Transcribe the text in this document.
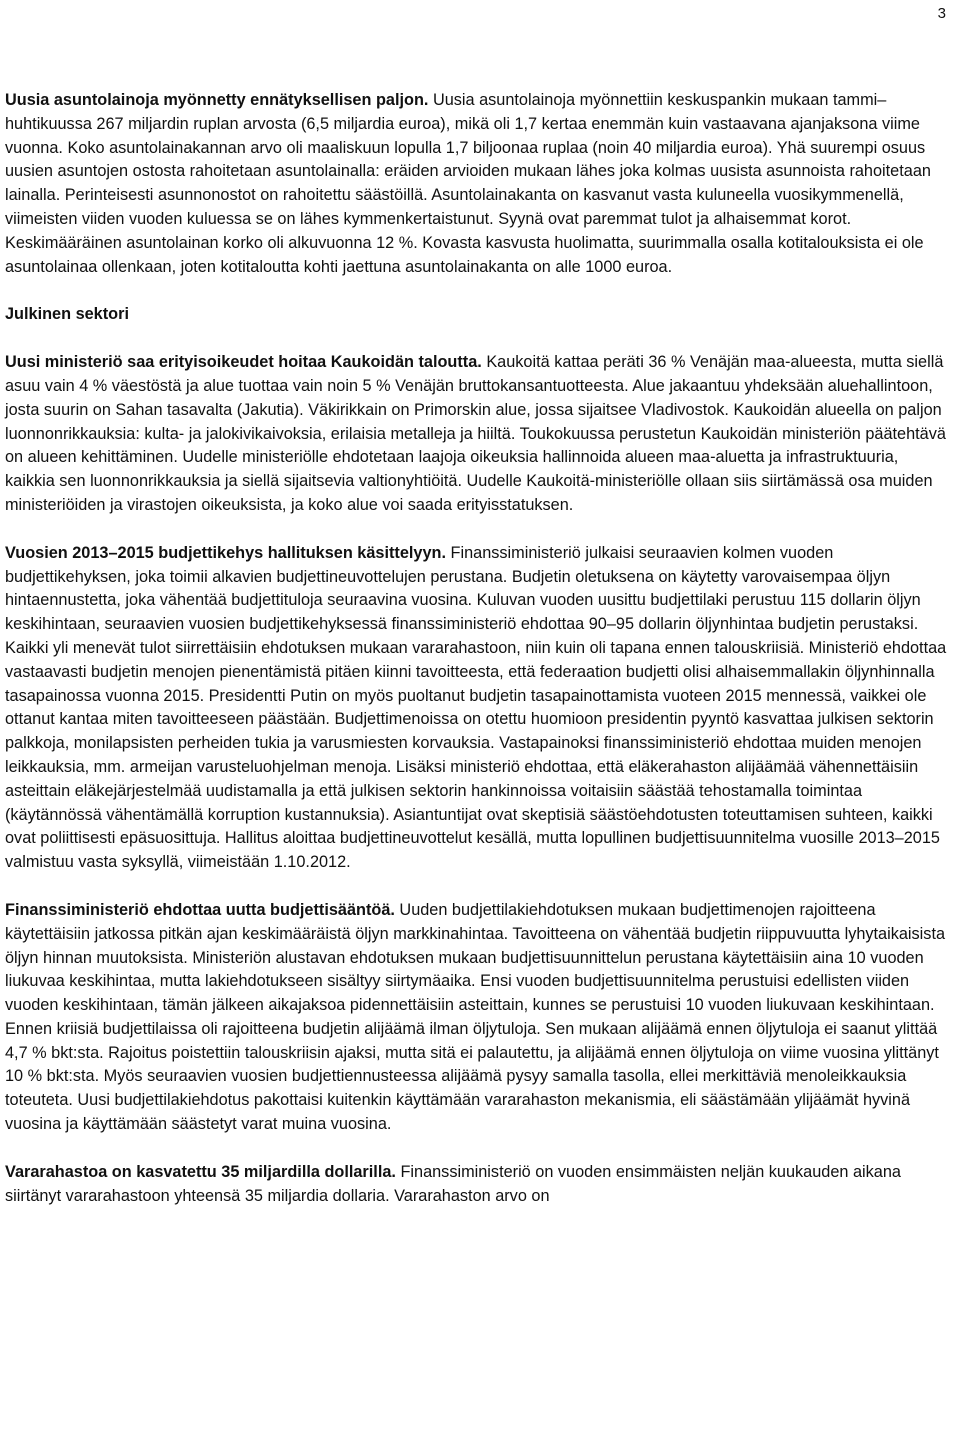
3

Uusia asuntolainoja myönnetty ennätyksellisen paljon. Uusia asuntolainoja myönnettiin keskuspankin mukaan tammi–huhtikuussa 267 miljardin ruplan arvosta (6,5 miljardia euroa), mikä oli 1,7 kertaa enemmän kuin vastaavana ajanjaksona viime vuonna. Koko asuntolainakannan arvo oli maaliskuun lopulla 1,7 biljoonaa ruplaa (noin 40 miljardia euroa). Yhä suurempi osuus uusien asuntojen ostosta rahoitetaan asuntolainalla: eräiden arvioiden mukaan lähes joka kolmas uusista asunnoista rahoitetaan lainalla. Perinteisesti asunnonostot on rahoitettu säästöillä. Asuntolainakanta on kasvanut vasta kuluneella vuosikymmenellä, viimeisten viiden vuoden kuluessa se on lähes kymmenkertaistunut. Syynä ovat paremmat tulot ja alhaisemmat korot. Keskimääräinen asuntolainan korko oli alkuvuonna 12 %. Kovasta kasvusta huolimatta, suurimmalla osalla kotitalouksista ei ole asuntolainaa ollenkaan, joten kotitaloutta kohti jaettuna asuntolainakanta on alle 1000 euroa.

Julkinen sektori

Uusi ministeriö saa erityisoikeudet hoitaa Kaukoidän taloutta. Kaukoitä kattaa peräti 36 % Venäjän maa-alueesta, mutta siellä asuu vain 4 % väestöstä ja alue tuottaa vain noin 5 % Venäjän bruttokansantuotteesta. Alue jakaantuu yhdeksään aluehallintoon, josta suurin on Sahan tasavalta (Jakutia). Väkirikkain on Primorskin alue, jossa sijaitsee Vladivostok. Kaukoidän alueella on paljon luonnonrikkauksia: kulta- ja jalokivikaivoksia, erilaisia metalleja ja hiiltä. Toukokuussa perustetun Kaukoidän ministeriön päätehtävä on alueen kehittäminen. Uudelle ministeriölle ehdotetaan laajoja oikeuksia hallinnoida alueen maa-aluetta ja infrastruktuuria, kaikkia sen luonnonrikkauksia ja siellä sijaitsevia valtionyhtiöitä. Uudelle Kaukoitä-ministeriölle ollaan siis siirtämässä osa muiden ministeriöiden ja virastojen oikeuksista, ja koko alue voi saada erityisstatuksen.

Vuosien 2013–2015 budjettikehys hallituksen käsittelyyn. Finanssiministeriö julkaisi seuraavien kolmen vuoden budjettikehyksen, joka toimii alkavien budjettineuvottelujen perustana. Budjetin oletuksena on käytetty varovaisempaa öljyn hintaennustetta, joka vähentää budjettituloja seuraavina vuosina. Kuluvan vuoden uusittu budjettilaki perustuu 115 dollarin öljyn keskihintaan, seuraavien vuosien budjettikehyksessä finanssiministeriö ehdottaa 90–95 dollarin öljynhintaa budjetin perustaksi. Kaikki yli menevät tulot siirrettäisiin ehdotuksen mukaan vararahastoon, niin kuin oli tapana ennen talouskriisiä. Ministeriö ehdottaa vastaavasti budjetin menojen pienentämistä pitäen kiinni tavoitteesta, että federaation budjetti olisi alhaisemmallakin öljynhinnalla tasapainossa vuonna 2015. Presidentti Putin on myös puoltanut budjetin tasapainottamista vuoteen 2015 mennessä, vaikkei ole ottanut kantaa miten tavoitteeseen päästään. Budjettimenoissa on otettu huomioon presidentin pyyntö kasvattaa julkisen sektorin palkkoja, monilapsisten perheiden tukia ja varusmiesten korvauksia. Vastapainoksi finanssiministeriö ehdottaa muiden menojen leikkauksia, mm. armeijan varusteluohjelman menoja. Lisäksi ministeriö ehdottaa, että eläkerahaston alijäämää vähennettäisiin asteittain eläkejärjestelmää uudistamalla ja että julkisen sektorin hankinnoissa voitaisiin säästää tehostamalla toimintaa (käytännössä vähentämällä korruption kustannuksia). Asiantuntijat ovat skeptisiä säästöehdotusten toteuttamisen suhteen, kaikki ovat poliittisesti epäsuosittuja. Hallitus aloittaa budjettineuvottelut kesällä, mutta lopullinen budjettisuunnitelma vuosille 2013–2015 valmistuu vasta syksyllä, viimeistään 1.10.2012.

Finanssiministeriö ehdottaa uutta budjettisääntöä. Uuden budjettilakiehdotuksen mukaan budjettimenojen rajoitteena käytettäisiin jatkossa pitkän ajan keskimääräistä öljyn markkinahintaa. Tavoitteena on vähentää budjetin riippuvuutta lyhytaikaisista öljyn hinnan muutoksista. Ministeriön alustavan ehdotuksen mukaan budjettisuunnittelun perustana käytettäisiin aina 10 vuoden liukuvaa keskihintaa, mutta lakiehdotukseen sisältyy siirtymäaika. Ensi vuoden budjettisuunnitelma perustuisi edellisten viiden vuoden keskihintaan, tämän jälkeen aikajaksoa pidennettäisiin asteittain, kunnes se perustuisi 10 vuoden liukuvaan keskihintaan. Ennen kriisiä budjettilaissa oli rajoitteena budjetin alijäämä ilman öljytuloja. Sen mukaan alijäämä ennen öljytuloja ei saanut ylittää 4,7 % bkt:sta. Rajoitus poistettiin talouskriisin ajaksi, mutta sitä ei palautettu, ja alijäämä ennen öljytuloja on viime vuosina ylittänyt 10 % bkt:sta. Myös seuraavien vuosien budjettiennusteessa alijäämä pysyy samalla tasolla, ellei merkittäviä menoleikkauksia toteuteta. Uusi budjettilakiehdotus pakottaisi kuitenkin käyttämään vararahaston mekanismia, eli säästämään ylijäämät hyvinä vuosina ja käyttämään säästetyt varat muina vuosina.

Vararahastoa on kasvatettu 35 miljardilla dollarilla. Finanssiministeriö on vuoden ensimmäisten neljän kuukauden aikana siirtänyt vararahastoon yhteensä 35 miljardia dollaria. Vararahaston arvo on
